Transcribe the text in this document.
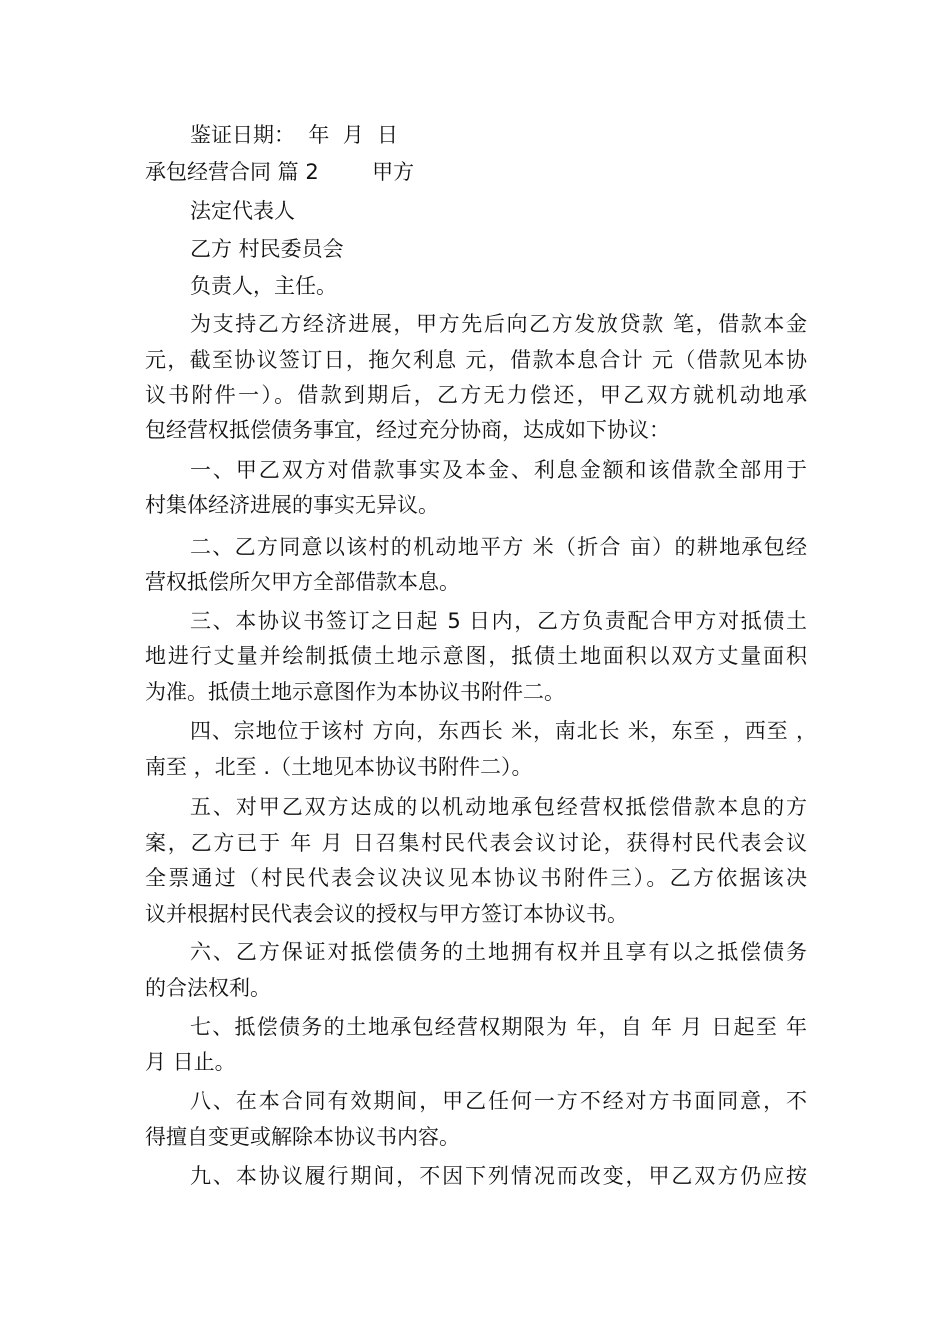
鉴证日期：  年  月  日
承包经营合同 篇 2        甲方
法定代表人
乙方 村民委员会
负责人，主任。
为支持乙方经济进展，甲方先后向乙方发放贷款 笔，借款本金
元，截至协议签订日，拖欠利息 元，借款本息合计 元（借款见本协
议书附件一）。借款到期后，乙方无力偿还，甲乙双方就机动地承
包经营权抵偿债务事宜，经过充分协商，达成如下协议：
一、甲乙双方对借款事实及本金、利息金额和该借款全部用于
村集体经济进展的事实无异议。
二、乙方同意以该村的机动地平方 米（折合 亩）的耕地承包经
营权抵偿所欠甲方全部借款本息。
三、本协议书签订之日起 5 日内，乙方负责配合甲方对抵债土
地进行丈量并绘制抵债土地示意图，抵债土地面积以双方丈量面积
为准。抵债土地示意图作为本协议书附件二。
四、宗地位于该村 方向，东西长 米，南北长 米，东至 ，西至 ，
南至 ，北至 .（土地见本协议书附件二）。
五、对甲乙双方达成的以机动地承包经营权抵偿借款本息的方
案，乙方已于 年 月 日召集村民代表会议讨论，获得村民代表会议
全票通过（村民代表会议决议见本协议书附件三）。乙方依据该决
议并根据村民代表会议的授权与甲方签订本协议书。
六、乙方保证对抵偿债务的土地拥有权并且享有以之抵偿债务
的合法权利。
七、抵偿债务的土地承包经营权期限为 年，自 年 月 日起至 年
月 日止。
八、在本合同有效期间，甲乙任何一方不经对方书面同意，不
得擅自变更或解除本协议书内容。
九、本协议履行期间，不因下列情况而改变，甲乙双方仍应按
